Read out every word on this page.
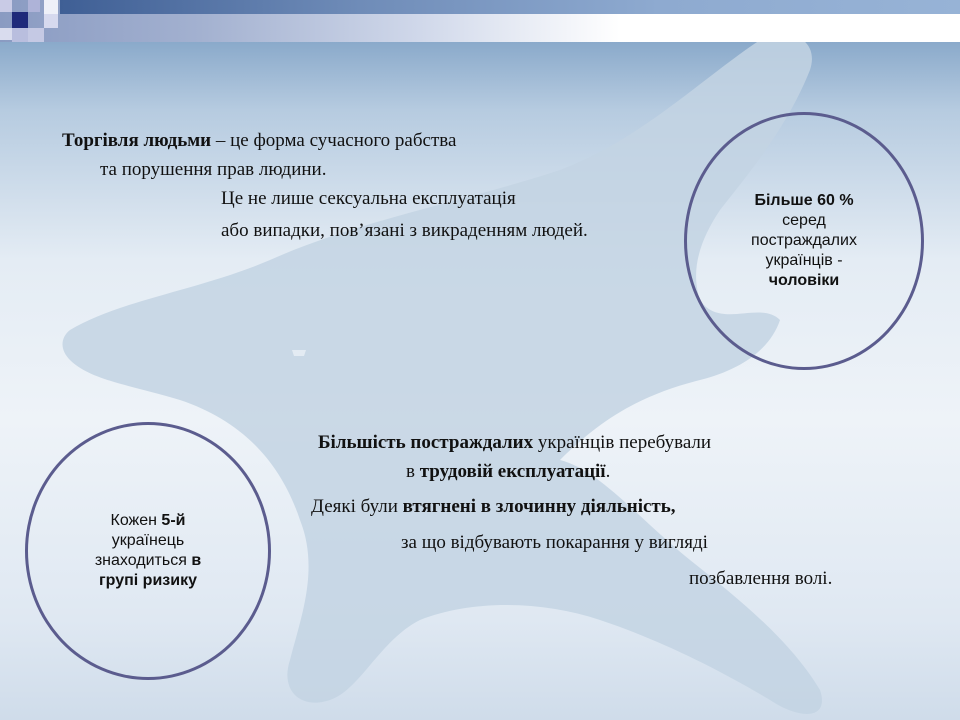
Торгівля людьми – це форма сучасного рабства

та порушення прав людини.

Це не лише сексуальна експлуатація

або випадки, пов’язані з викраденням людей.

Більше 60 %
серед
постраждалих
українців -
чоловіки

Більшість постраждалих українців перебували

в трудовій експлуатації.

Деякі були втягнені в злочинну діяльність,

за що відбувають покарання у вигляді

позбавлення волі.

Кожен 5-й
українець
знаходиться в
групі ризику
